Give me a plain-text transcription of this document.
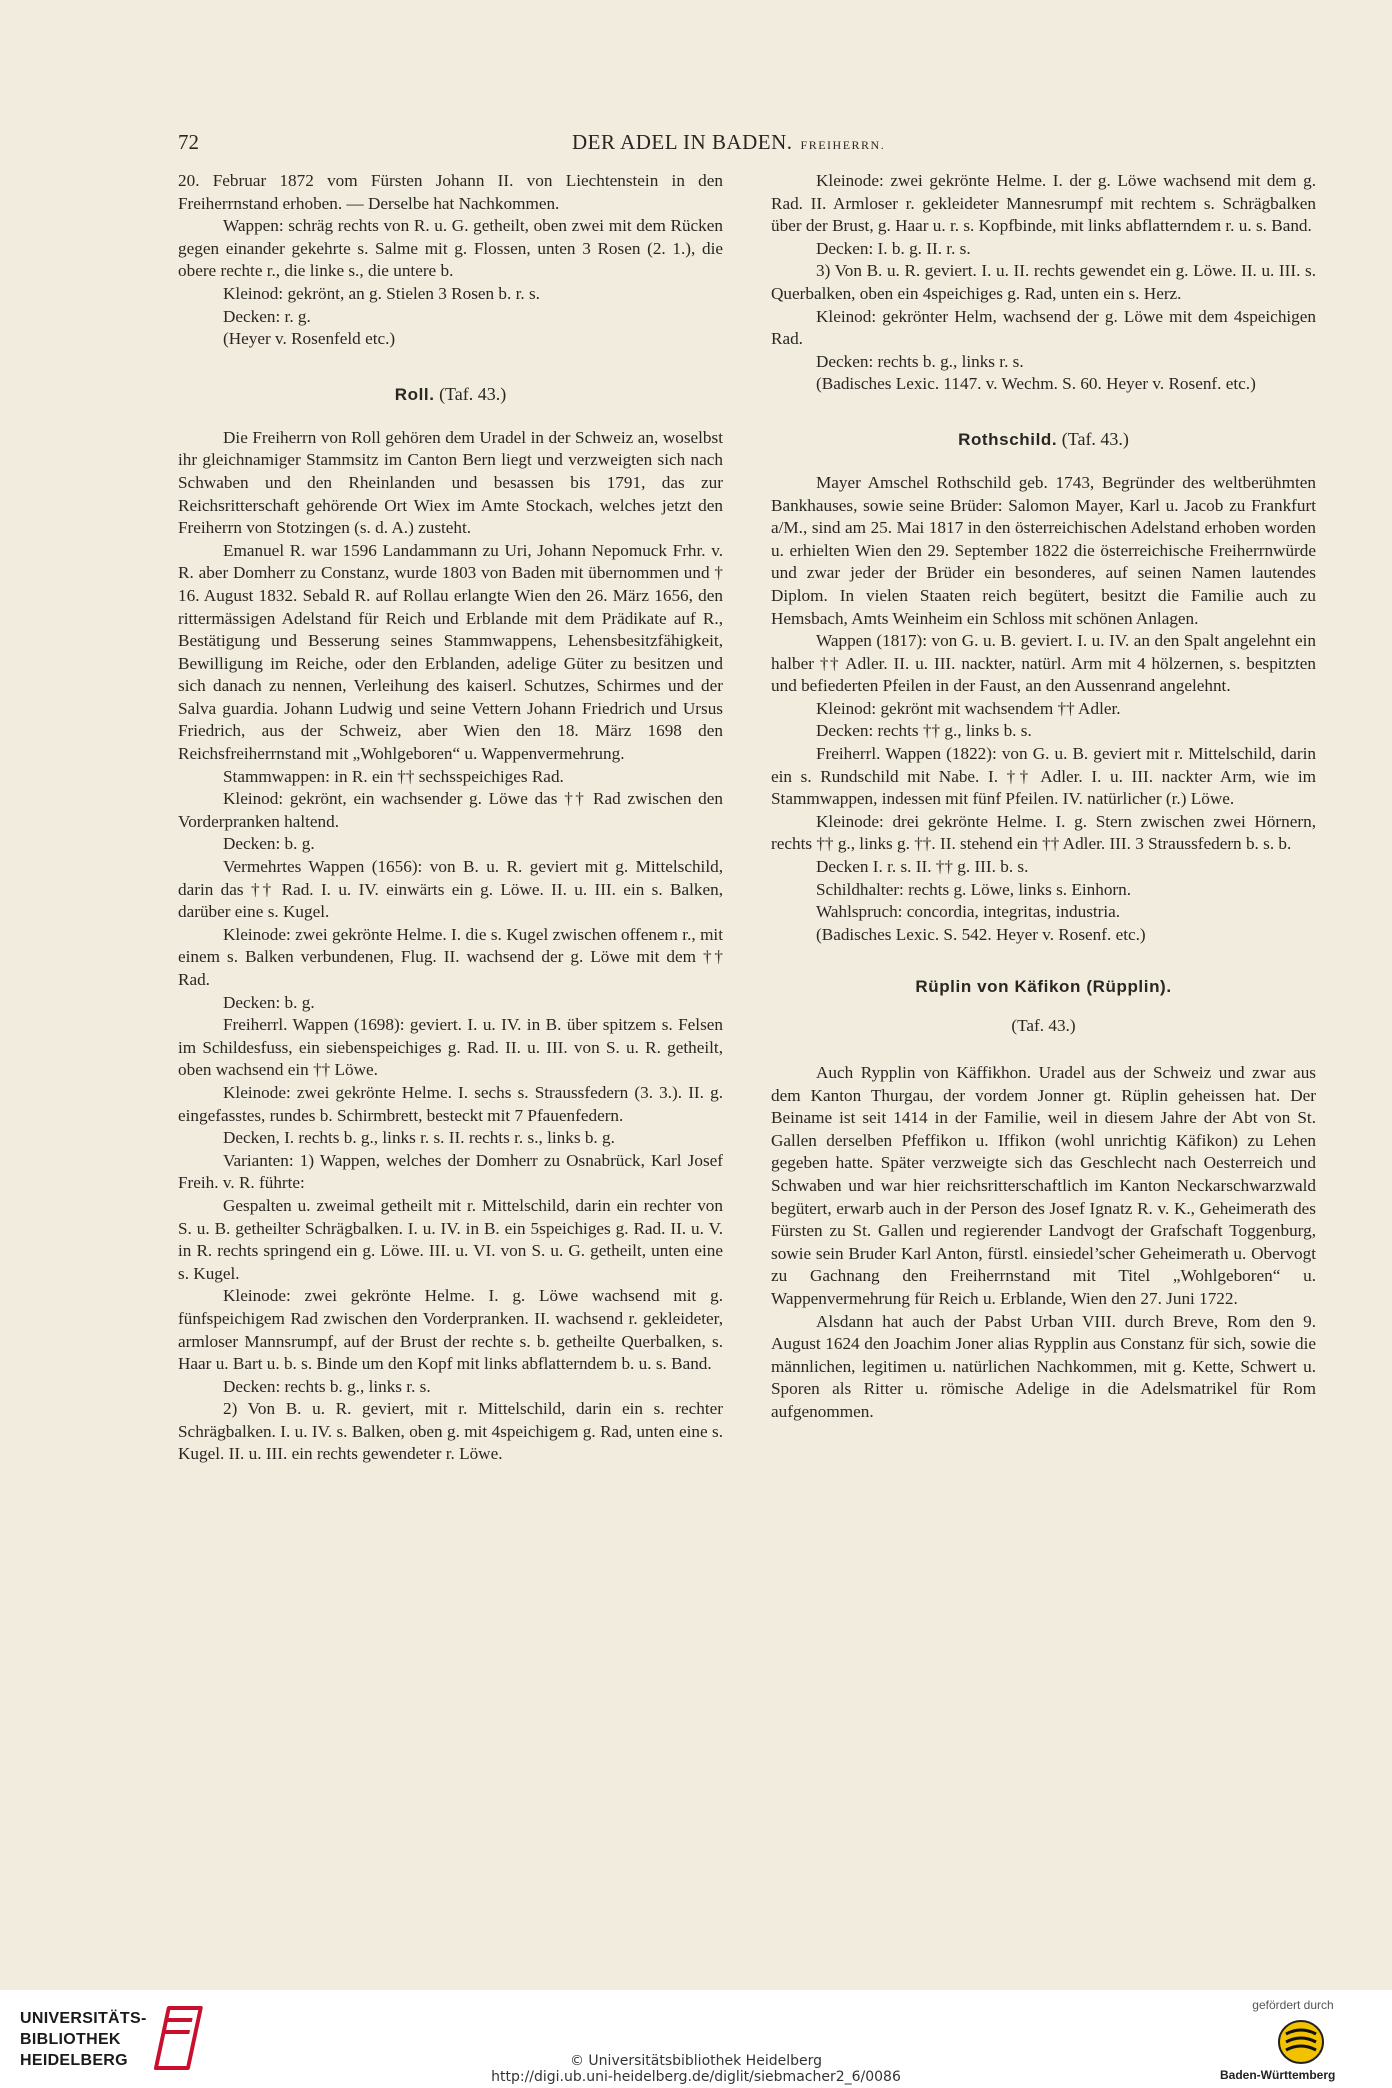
72	DER ADEL IN BADEN. FREIHERRN.

20. Februar 1872 vom Fürsten Johann II. von Liechtenstein in den Freiherrnstand erhoben. — Derselbe hat Nachkommen.

Wappen: schräg rechts von R. u. G. getheilt, oben zwei mit dem Rücken gegen einander gekehrte s. Salme mit g. Flossen, unten 3 Rosen (2. 1.), die obere rechte r., die linke s., die untere b.

Kleinod: gekrönt, an g. Stielen 3 Rosen b. r. s.

Decken: r. g.

(Heyer v. Rosenfeld etc.)

Roll. (Taf. 43.)

Die Freiherrn von Roll gehören dem Uradel in der Schweiz an, woselbst ihr gleichnamiger Stammsitz im Canton Bern liegt und verzweigten sich nach Schwaben und den Rheinlanden und besassen bis 1791, das zur Reichsritterschaft gehörende Ort Wiex im Amte Stockach, welches jetzt den Freiherrn von Stotzingen (s. d. A.) zusteht.

Emanuel R. war 1596 Landammann zu Uri, Johann Nepomuck Frhr. v. R. aber Domherr zu Constanz, wurde 1803 von Baden mit übernommen und † 16. August 1832. Sebald R. auf Rollau erlangte Wien den 26. März 1656, den rittermässigen Adelstand für Reich und Erblande mit dem Prädikate auf R., Bestätigung und Besserung seines Stammwappens, Lehensbesitzfähigkeit, Bewilligung im Reiche, oder den Erblanden, adelige Güter zu besitzen und sich danach zu nennen, Verleihung des kaiserl. Schutzes, Schirmes und der Salva guardia. Johann Ludwig und seine Vettern Johann Friedrich und Ursus Friedrich, aus der Schweiz, aber Wien den 18. März 1698 den Reichsfreiherrnstand mit „Wohlgeboren“ u. Wappenvermehrung.

Stammwappen: in R. ein †† sechsspeichiges Rad.

Kleinod: gekrönt, ein wachsender g. Löwe das †† Rad zwischen den Vorderpranken haltend.

Decken: b. g.

Vermehrtes Wappen (1656): von B. u. R. geviert mit g. Mittelschild, darin das †† Rad. I. u. IV. einwärts ein g. Löwe. II. u. III. ein s. Balken, darüber eine s. Kugel.

Kleinode: zwei gekrönte Helme. I. die s. Kugel zwischen offenem r., mit einem s. Balken verbundenen, Flug. II. wachsend der g. Löwe mit dem †† Rad.

Decken: b. g.

Freiherrl. Wappen (1698): geviert. I. u. IV. in B. über spitzem s. Felsen im Schildesfuss, ein siebenspeichiges g. Rad. II. u. III. von S. u. R. getheilt, oben wachsend ein †† Löwe.

Kleinode: zwei gekrönte Helme. I. sechs s. Straussfedern (3. 3.). II. g. eingefasstes, rundes b. Schirmbrett, besteckt mit 7 Pfauenfedern.

Decken, I. rechts b. g., links r. s. II. rechts r. s., links b. g.

Varianten: 1) Wappen, welches der Domherr zu Osnabrück, Karl Josef Freih. v. R. führte:

Gespalten u. zweimal getheilt mit r. Mittelschild, darin ein rechter von S. u. B. getheilter Schrägbalken. I. u. IV. in B. ein 5speichiges g. Rad. II. u. V. in R. rechts springend ein g. Löwe. III. u. VI. von S. u. G. getheilt, unten eine s. Kugel.

Kleinode: zwei gekrönte Helme. I. g. Löwe wachsend mit g. fünfspeichigem Rad zwischen den Vorderpranken. II. wachsend r. gekleideter, armloser Mannsrumpf, auf der Brust der rechte s. b. getheilte Querbalken, s. Haar u. Bart u. b. s. Binde um den Kopf mit links abflatterndem b. u. s. Band.

Decken: rechts b. g., links r. s.

2) Von B. u. R. geviert, mit r. Mittelschild, darin ein s. rechter Schrägbalken. I. u. IV. s. Balken, oben g. mit 4speichigem g. Rad, unten eine s. Kugel. II. u. III. ein rechts gewendeter r. Löwe.

Kleinode: zwei gekrönte Helme. I. der g. Löwe wachsend mit dem g. Rad. II. Armloser r. gekleideter Mannesrumpf mit rechtem s. Schrägbalken über der Brust, g. Haar u. r. s. Kopfbinde, mit links abflatterndem r. u. s. Band.

Decken: I. b. g. II. r. s.

3) Von B. u. R. geviert. I. u. II. rechts gewendet ein g. Löwe. II. u. III. s. Querbalken, oben ein 4speichiges g. Rad, unten ein s. Herz.

Kleinod: gekrönter Helm, wachsend der g. Löwe mit dem 4speichigen Rad.

Decken: rechts b. g., links r. s.

(Badisches Lexic. 1147. v. Wechm. S. 60. Heyer v. Rosenf. etc.)

Rothschild. (Taf. 43.)

Mayer Amschel Rothschild geb. 1743, Begründer des weltberühmten Bankhauses, sowie seine Brüder: Salomon Mayer, Karl u. Jacob zu Frankfurt a/M., sind am 25. Mai 1817 in den österreichischen Adelstand erhoben worden u. erhielten Wien den 29. September 1822 die österreichische Freiherrnwürde und zwar jeder der Brüder ein besonderes, auf seinen Namen lautendes Diplom. In vielen Staaten reich begütert, besitzt die Familie auch zu Hemsbach, Amts Weinheim ein Schloss mit schönen Anlagen.

Wappen (1817): von G. u. B. geviert. I. u. IV. an den Spalt angelehnt ein halber †† Adler. II. u. III. nackter, natürl. Arm mit 4 hölzernen, s. bespitzten und befiederten Pfeilen in der Faust, an den Aussenrand angelehnt.

Kleinod: gekrönt mit wachsendem †† Adler.

Decken: rechts †† g., links b. s.

Freiherrl. Wappen (1822): von G. u. B. geviert mit r. Mittelschild, darin ein s. Rundschild mit Nabe. I. †† Adler. I. u. III. nackter Arm, wie im Stammwappen, indessen mit fünf Pfeilen. IV. natürlicher (r.) Löwe.

Kleinode: drei gekrönte Helme. I. g. Stern zwischen zwei Hörnern, rechts †† g., links g. ††. II. stehend ein †† Adler. III. 3 Straussfedern b. s. b.

Decken I. r. s. II. †† g. III. b. s.

Schildhalter: rechts g. Löwe, links s. Einhorn.

Wahlspruch: concordia, integritas, industria.

(Badisches Lexic. S. 542. Heyer v. Rosenf. etc.)

Rüplin von Käfikon (Rüpplin).

(Taf. 43.)

Auch Rypplin von Käffikhon. Uradel aus der Schweiz und zwar aus dem Kanton Thurgau, der vordem Jonner gt. Rüplin geheissen hat. Der Beiname ist seit 1414 in der Familie, weil in diesem Jahre der Abt von St. Gallen derselben Pfeffikon u. Iffikon (wohl unrichtig Käfikon) zu Lehen gegeben hatte. Später verzweigte sich das Geschlecht nach Oesterreich und Schwaben und war hier reichsritterschaftlich im Kanton Neckarschwarzwald begütert, erwarb auch in der Person des Josef Ignatz R. v. K., Geheimerath des Fürsten zu St. Gallen und regierender Landvogt der Grafschaft Toggenburg, sowie sein Bruder Karl Anton, fürstl. einsiedel’scher Geheimerath u. Obervogt zu Gachnang den Freiherrnstand mit Titel „Wohlgeboren“ u. Wappenvermehrung für Reich u. Erblande, Wien den 27. Juni 1722.

Alsdann hat auch der Pabst Urban VIII. durch Breve, Rom den 9. August 1624 den Joachim Joner alias Rypplin aus Constanz für sich, sowie die männlichen, legitimen u. natürlichen Nachkommen, mit g. Kette, Schwert u. Sporen als Ritter u. römische Adelige in die Adelsmatrikel für Rom aufgenommen.

UNIVERSITÄTS-
BIBLIOTHEK
HEIDELBERG	© Universitätsbibliothek Heidelberg
http://digi.ub.uni-heidelberg.de/diglit/siebmacher2_6/0086
gefördert durch
Baden-Württemberg
